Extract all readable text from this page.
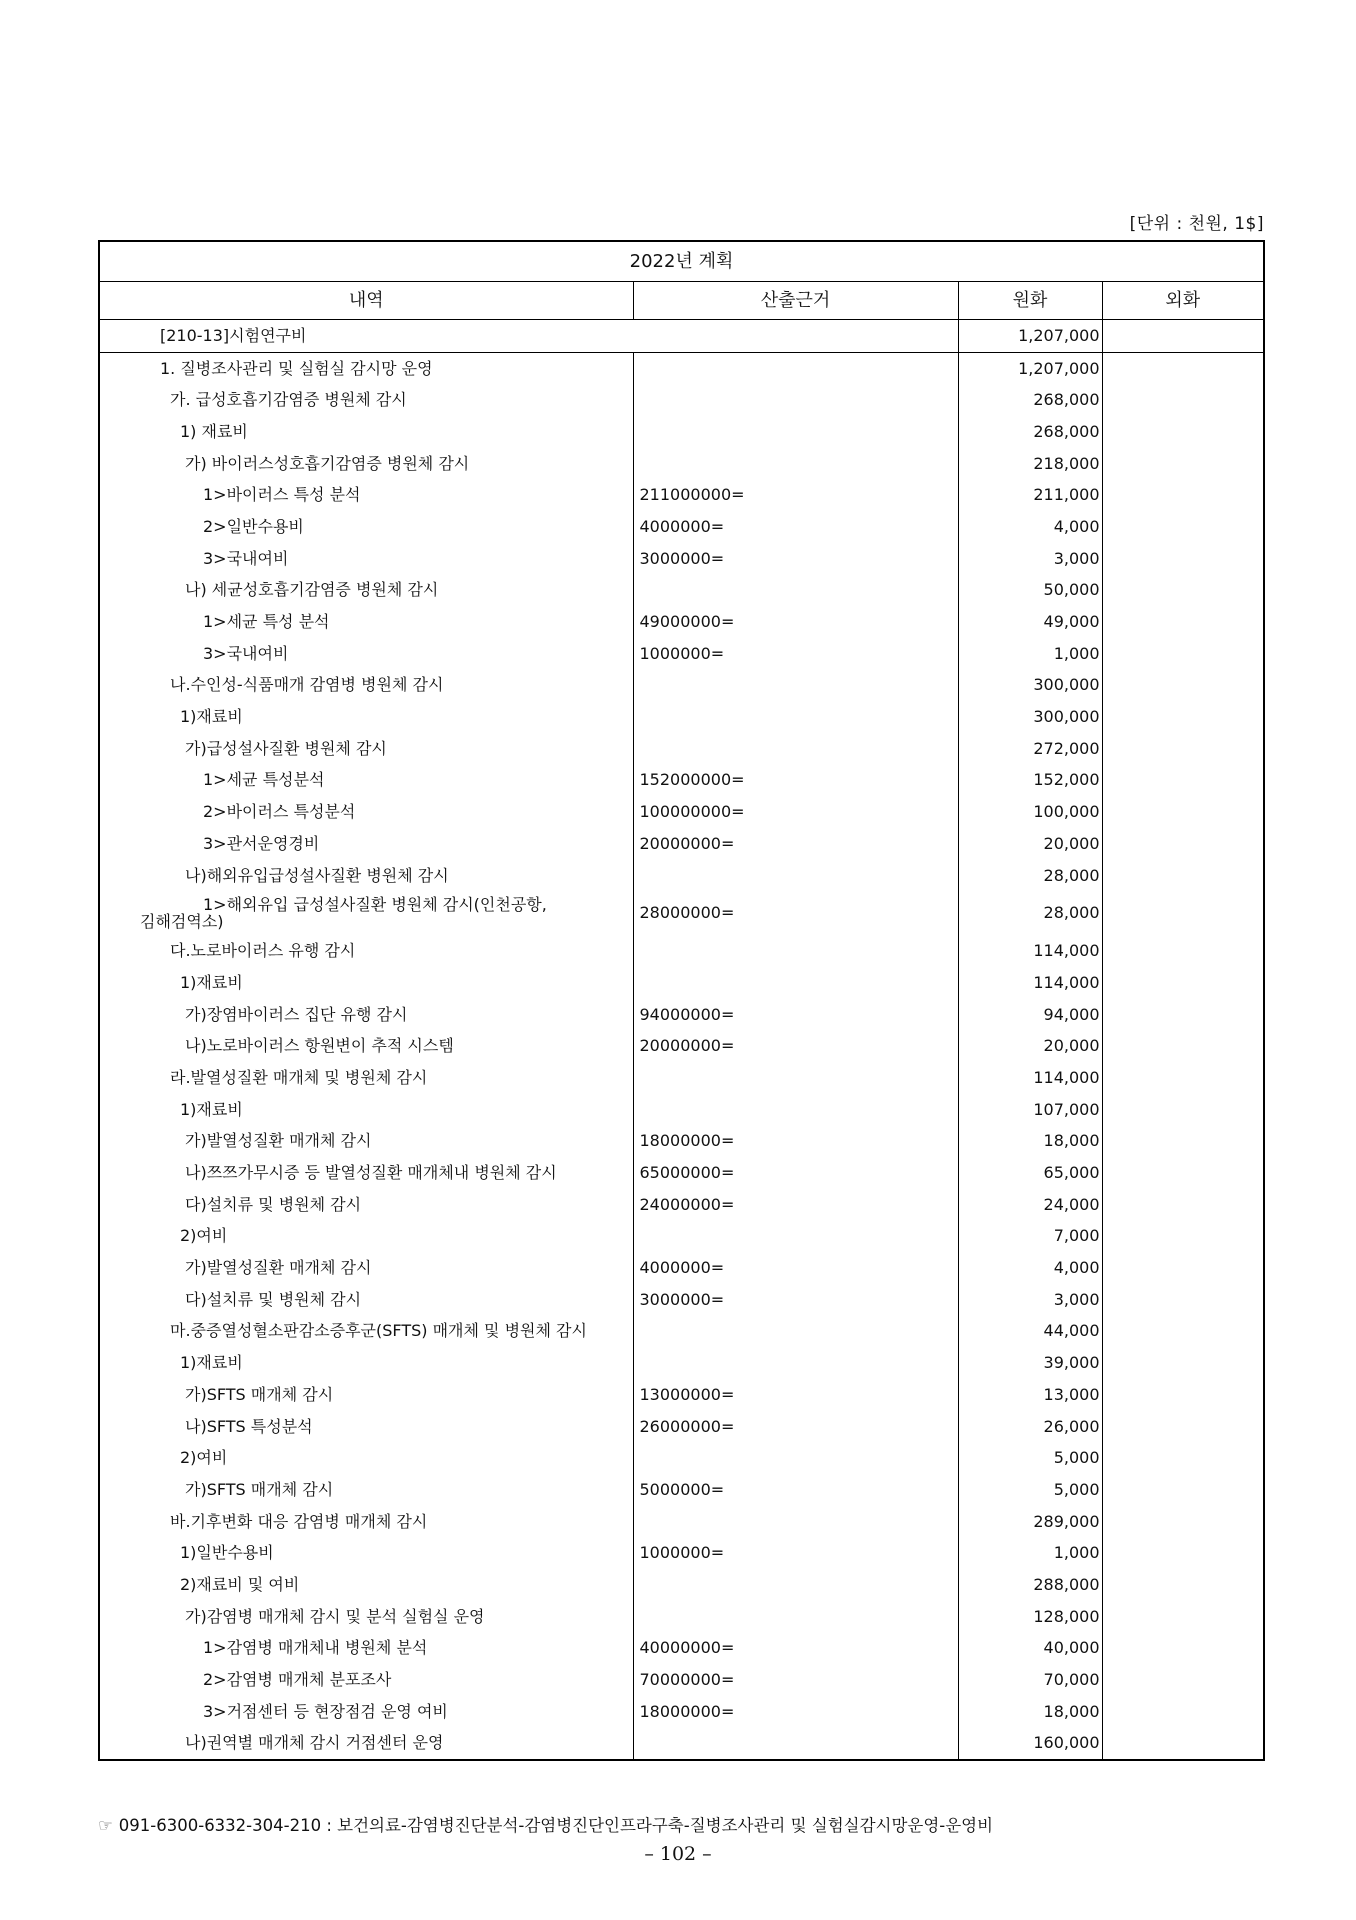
[단위 : 천원, 1$]
2022년 계획			
내역	산출근거	원화	외화
[210-13]시험연구비		1,207,000	
1. 질병조사관리 및 실험실 감시망 운영		1,207,000	
가. 급성호흡기감염증 병원체 감시		268,000	
1) 재료비		268,000	
가) 바이러스성호흡기감염증 병원체 감시		218,000	
1>바이러스 특성 분석	211000000=	211,000	
2>일반수용비	4000000=	4,000	
3>국내여비	3000000=	3,000	
나) 세균성호흡기감염증 병원체 감시		50,000	
1>세균 특성 분석	49000000=	49,000	
3>국내여비	1000000=	1,000	
나.수인성-식품매개 감염병 병원체 감시		300,000	
1)재료비		300,000	
가)급성설사질환 병원체 감시		272,000	
1>세균 특성분석	152000000=	152,000	
2>바이러스 특성분석	100000000=	100,000	
3>관서운영경비	20000000=	20,000	
나)해외유입급성설사질환 병원체 감시		28,000	

1>해외유입 급성설사질환 병원체 감시(인천공항,
김해검역소)	28000000=	28,000	
다.노로바이러스 유행 감시		114,000	
1)재료비		114,000	
가)장염바이러스 집단 유행 감시	94000000=	94,000	
나)노로바이러스 항원변이 추적 시스템	20000000=	20,000	
라.발열성질환 매개체 및 병원체 감시		114,000	
1)재료비		107,000	
가)발열성질환 매개체 감시	18000000=	18,000	
나)쯔쯔가무시증 등 발열성질환 매개체내 병원체 감시	65000000=	65,000	
다)설치류 및 병원체 감시	24000000=	24,000	
2)여비		7,000	
가)발열성질환 매개체 감시	4000000=	4,000	
다)설치류 및 병원체 감시	3000000=	3,000	
마.중증열성혈소판감소증후군(SFTS) 매개체 및 병원체 감시		44,000	
1)재료비		39,000	
가)SFTS 매개체 감시	13000000=	13,000	
나)SFTS 특성분석	26000000=	26,000	
2)여비		5,000	
가)SFTS 매개체 감시	5000000=	5,000	
바.기후변화 대응 감염병 매개체 감시		289,000	
1)일반수용비	1000000=	1,000	
2)재료비 및 여비		288,000	
가)감염병 매개체 감시 및 분석 실험실 운영		128,000	
1>감염병 매개체내 병원체 분석	40000000=	40,000	
2>감염병 매개체 분포조사	70000000=	70,000	
3>거점센터 등 현장점검 운영 여비	18000000=	18,000	
나)권역별 매개체 감시 거점센터 운영		160,000	
☞ 091-6300-6332-304-210 : 보건의료-감염병진단분석-감염병진단인프라구축-질병조사관리 및 실험실감시망운영-운영비
– 102 –
